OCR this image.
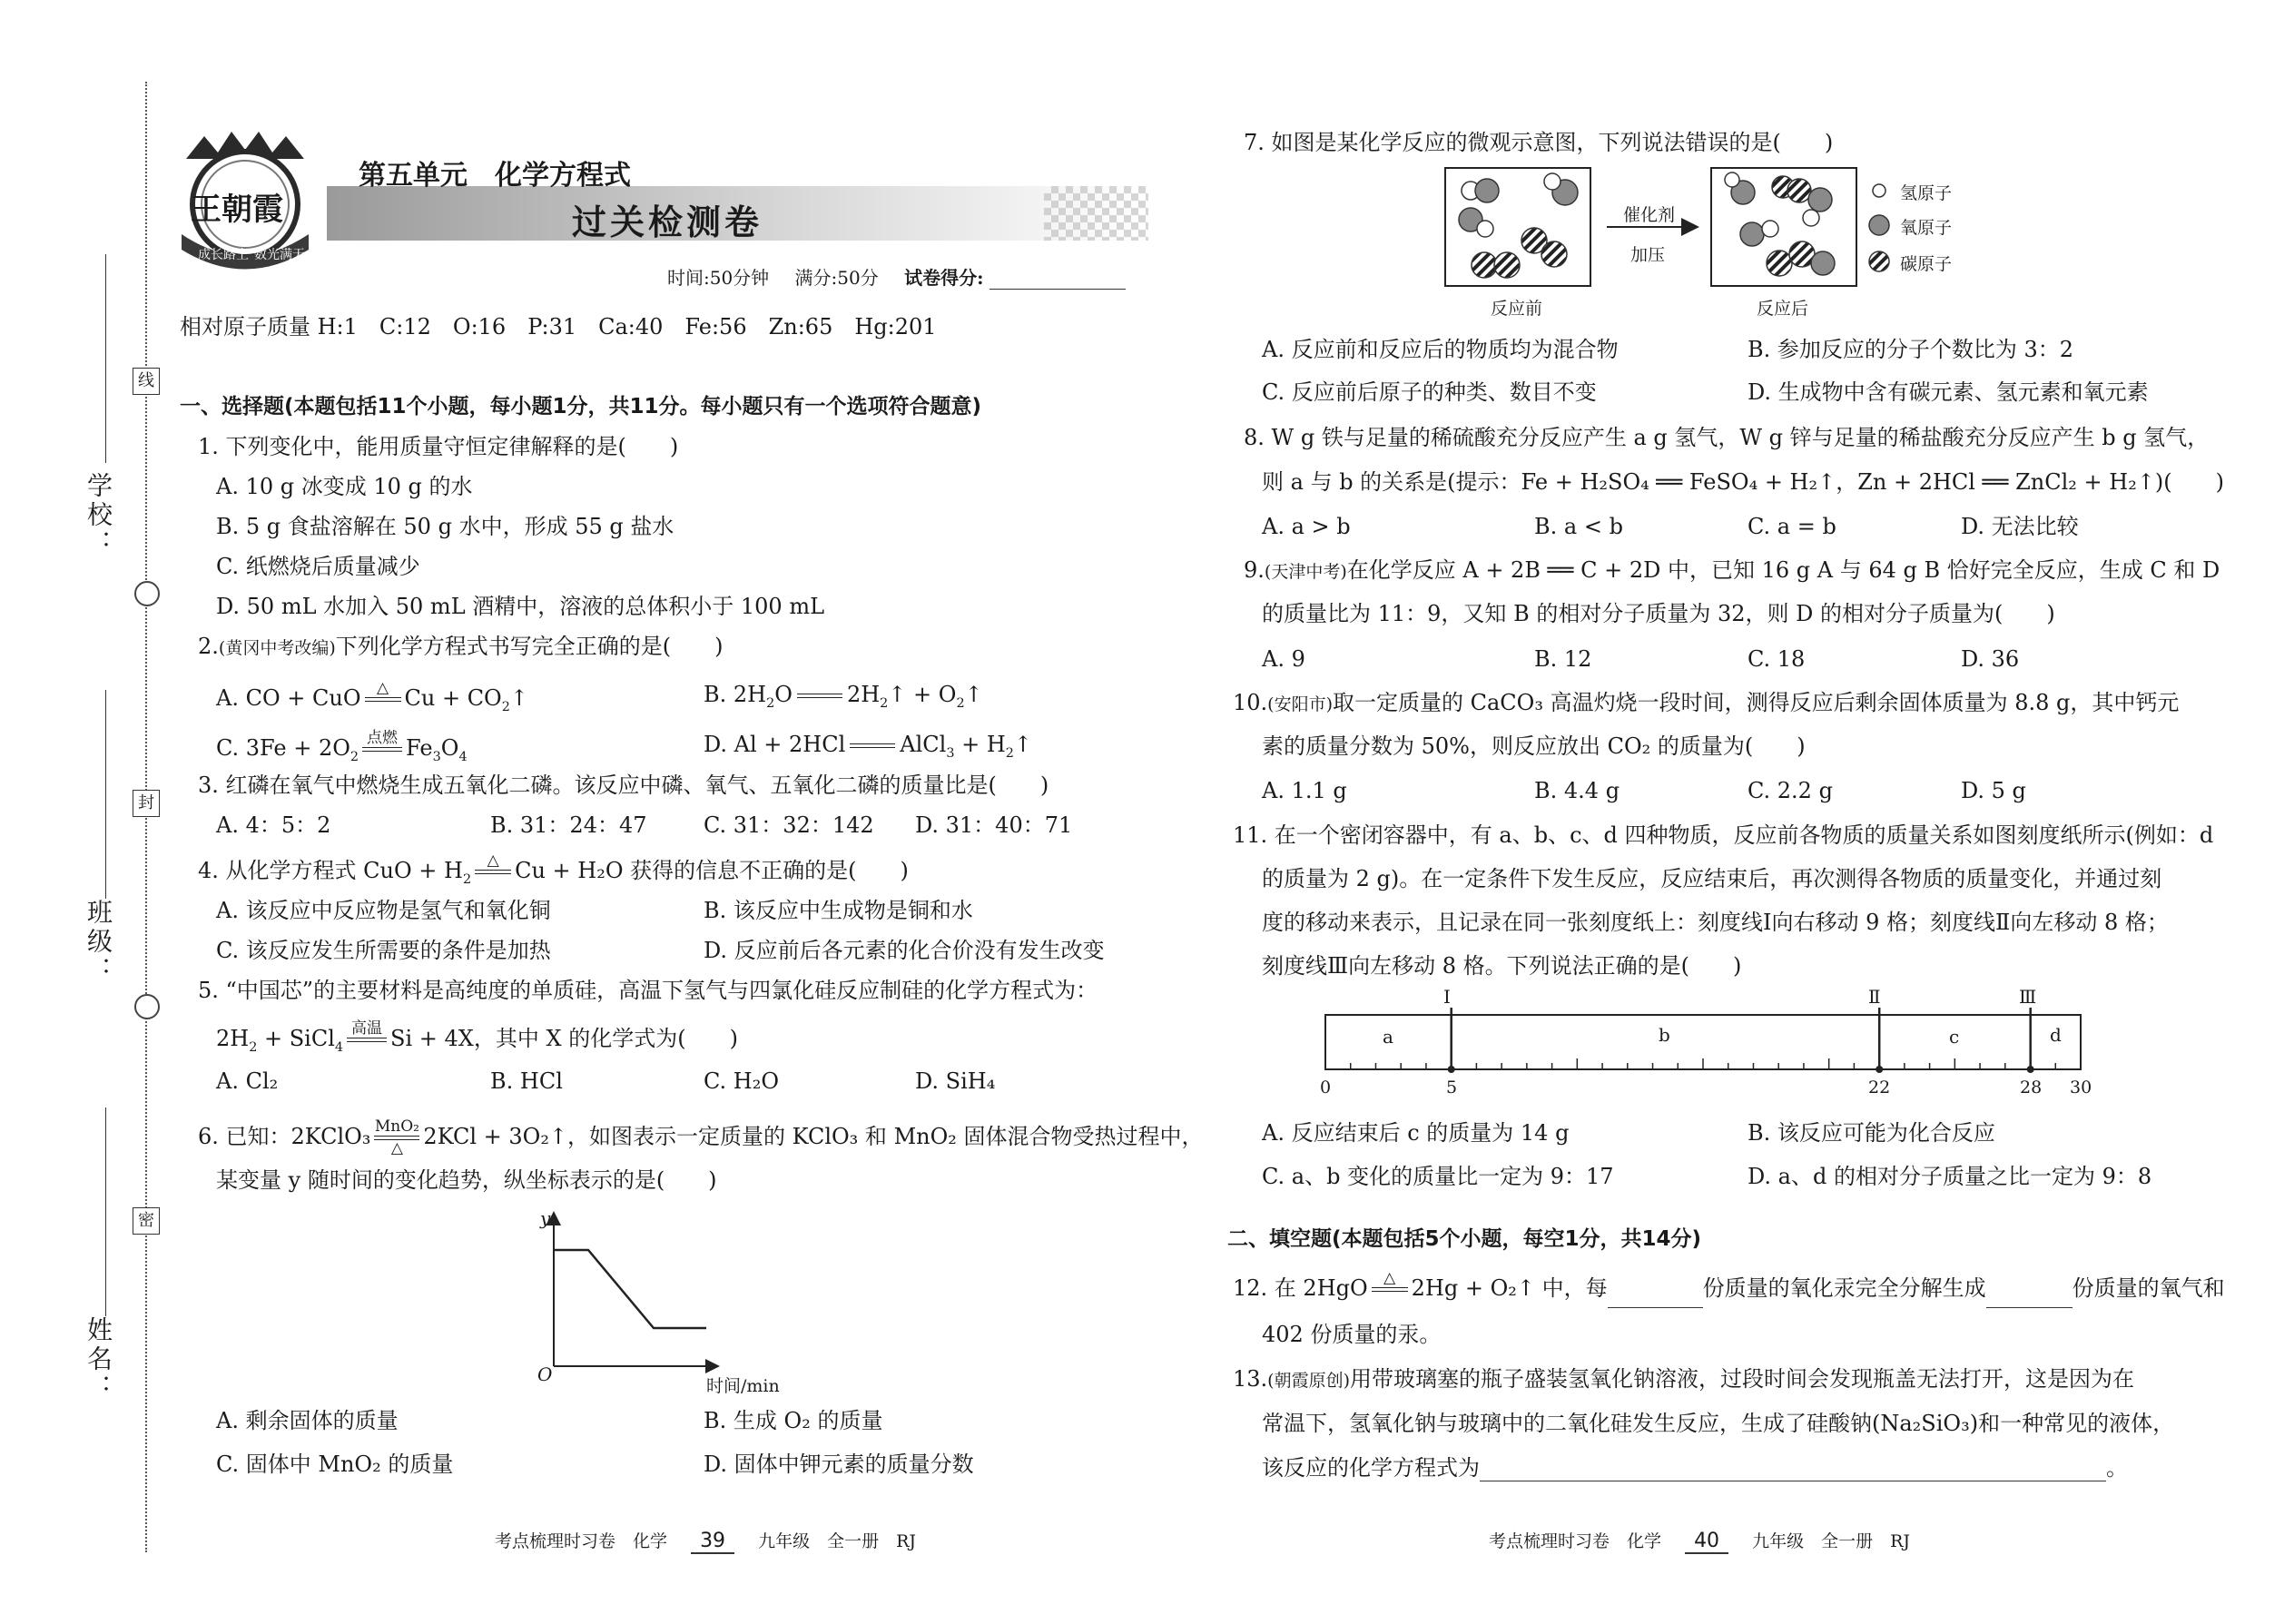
线
封
密
学校：
班级：
姓名：
王朝霞
成长路上 数光满天
第五单元　化学方程式
过关检测卷
时间:50分钟 满分:50分 试卷得分:
相对原子质量 H:1　C:12　O:16　P:31　Ca:40　Fe:56　Zn:65　Hg:201
一、选择题(本题包括11个小题，每小题1分，共11分。每小题只有一个选项符合题意)
1. 下列变化中，能用质量守恒定律解释的是(　　)
A. 10 g 冰变成 10 g 的水
B. 5 g 食盐溶解在 50 g 水中，形成 55 g 盐水
C. 纸燃烧后质量减少
D. 50 mL 水加入 50 mL 酒精中，溶液的总体积小于 100 mL
2.(黄冈中考改编)下列化学方程式书写完全正确的是(　　)
A. CO + CuO △
$Cu + CO_2↑$	B. $2H_2O$	$2H_2↑$ + $O_2↑$
C. $3Fe + 2O_2$
点燃
$Fe_3O_4$	D. Al + 2HCl	AlCl$_3$ + $H_2↑$
3. 红磷在氧气中燃烧生成五氧化二磷。该反应中磷、氧气、五氧化二磷的质量比是(　　)
A. 4：5：2	B. 31：24：47	C. 31：32：142 D. 31：40：71
4. 从化学方程式 CuO + $H_2$
△
Cu + H₂O 获得的信息不正确的是(　　)
A. 该反应中反应物是氢气和氧化铜	B. 该反应中生成物是铜和水
C. 该反应发生所需要的条件是加热	D. 反应前后各元素的化合价没有发生改变
5. “中国芯”的主要材料是高纯度的单质硅，高温下氢气与四氯化硅反应制硅的化学方程式为：
$2H_2$ + SiCl$_4$
高温
Si + 4X，其中 X 的化学式为(　　)
A. Cl₂	B. HCl	C. H₂O	D. SiH₄
6. 已知：2KClO₃ MnO₂
△ 2KCl + 3O₂↑，如图表示一定质量的 KClO₃ 和 MnO₂ 固体混合物受热过程中，
某变量 y 随时间的变化趋势，纵坐标表示的是(　　)
y
O
时间/min
A. 剩余固体的质量	B. 生成 O₂ 的质量
C. 固体中 MnO₂ 的质量	D. 固体中钾元素的质量分数
考点梳理时习卷　化学 39 九年级　全一册　RJ
7. 如图是某化学反应的微观示意图，下列说法错误的是(　　)
催化剂
加压
反应前	反应后
氢原子
氧原子
碳原子
A. 反应前和反应后的物质均为混合物	B. 参加反应的分子个数比为 3：2
C. 反应前后原子的种类、数目不变	D. 生成物中含有碳元素、氢元素和氧元素
8. W g 铁与足量的稀硫酸充分反应产生 a g 氢气，W g 锌与足量的稀盐酸充分反应产生 b g 氢气，
则 a 与 b 的关系是(提示：Fe + H₂SO₄ ══ FeSO₄ + H₂↑，Zn + 2HCl ══ ZnCl₂ + H₂↑)(　　)
A. a > b	B. a < b	C. a = b	D. 无法比较
9.(天津中考)在化学反应 A + 2B ══ C + 2D 中，已知 16 g A 与 64 g B 恰好完全反应，生成 C 和 D
的质量比为 11：9，又知 B 的相对分子质量为 32，则 D 的相对分子质量为(　　)
A. 9	B. 12	C. 18	D. 36
10.(安阳市)取一定质量的 CaCO₃ 高温灼烧一段时间，测得反应后剩余固体质量为 8.8 g，其中钙元
素的质量分数为 50%，则反应放出 CO₂ 的质量为(　　)
A. 1.1 g	B. 4.4 g	C. 2.2 g	D. 5 g
11. 在一个密闭容器中，有 a、b、c、d 四种物质，反应前各物质的质量关系如图刻度纸所示(例如：d
的质量为 2 g)。在一定条件下发生反应，反应结束后，再次测得各物质的质量变化，并通过刻
度的移动来表示，且记录在同一张刻度纸上：刻度线Ⅰ向右移动 9 格；刻度线Ⅱ向左移动 8 格；
刻度线Ⅲ向左移动 8 格。下列说法正确的是(　　)
Ⅰ	Ⅱ	Ⅲ
a	b	c	d
0	5	22	28 30
A. 反应结束后 c 的质量为 14 g	B. 该反应可能为化合反应
C. a、b 变化的质量比一定为 9：17	D. a、d 的相对分子质量之比一定为 9：8
二、填空题(本题包括5个小题，每空1分，共14分)
12. 在 2HgO △
2Hg + O₂↑ 中，每	份质量的氧化汞完全分解生成	份质量的氧气和
402 份质量的汞。
13.(朝霞原创)用带玻璃塞的瓶子盛装氢氧化钠溶液，过段时间会发现瓶盖无法打开，这是因为在
常温下，氢氧化钠与玻璃中的二氧化硅发生反应，生成了硅酸钠(Na₂SiO₃)和一种常见的液体，
该反应的化学方程式为	。
考点梳理时习卷　化学 40 九年级　全一册　RJ
